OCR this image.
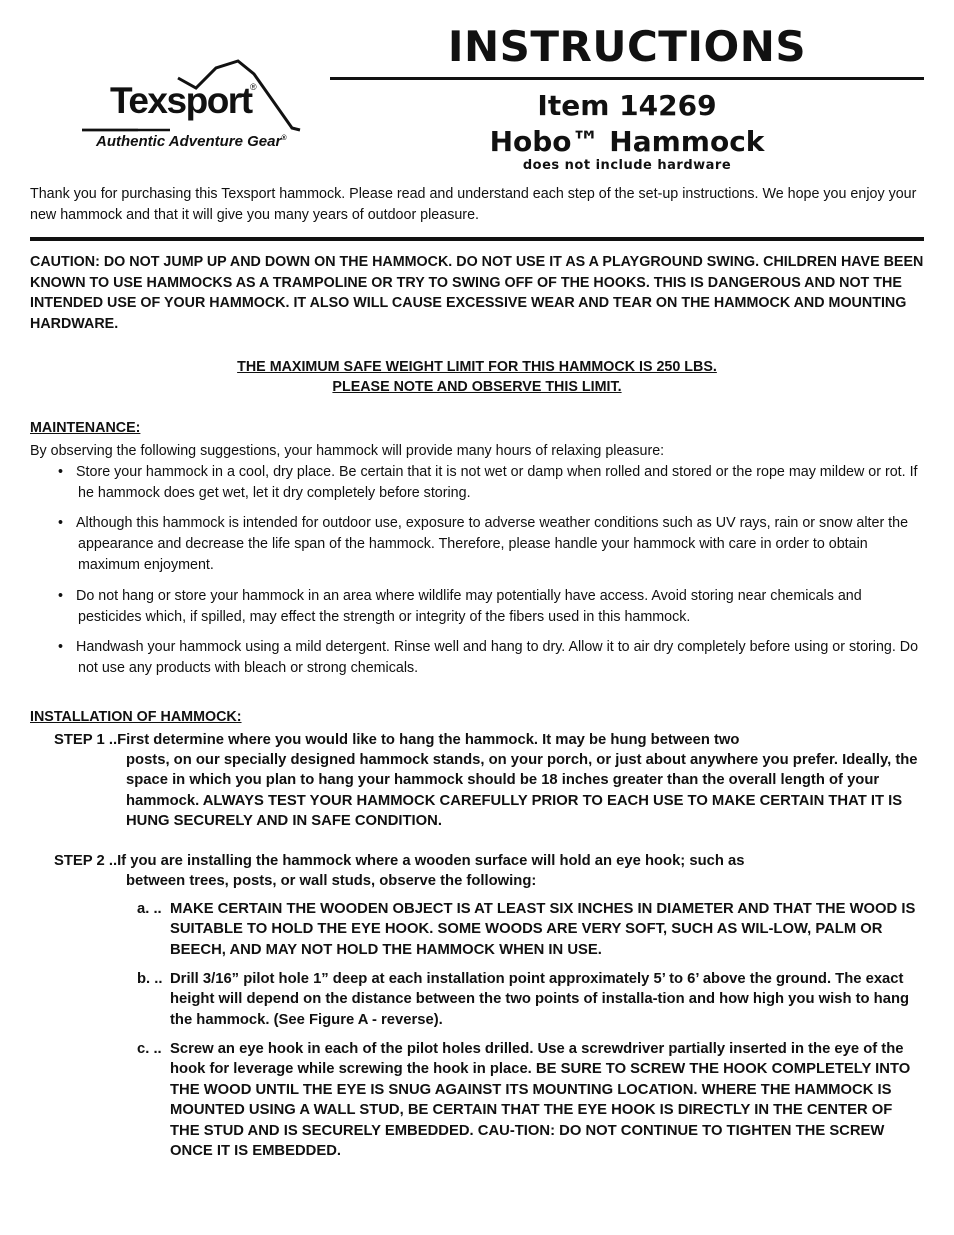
Texsport
®
Authentic Adventure Gear®
INSTRUCTIONS
Item 14269
Hobo™ Hammock
does not include hardware
Thank you for purchasing this Texsport hammock. Please read and understand each step of the set-up instructions. We hope you enjoy your new hammock and that it will give you many years of outdoor pleasure.
CAUTION: DO NOT JUMP UP AND DOWN ON THE HAMMOCK. DO NOT USE IT AS A PLAYGROUND SWING. CHILDREN HAVE BEEN KNOWN TO USE HAMMOCKS AS A TRAMPOLINE OR TRY TO SWING OFF OF THE HOOKS. THIS IS DANGEROUS AND NOT THE INTENDED USE OF YOUR HAMMOCK. IT ALSO WILL CAUSE EXCESSIVE WEAR AND TEAR ON THE HAMMOCK AND MOUNTING HARDWARE.
THE MAXIMUM SAFE WEIGHT LIMIT FOR THIS HAMMOCK IS 250 LBS.
PLEASE NOTE AND OBSERVE THIS LIMIT.
MAINTENANCE:
By observing the following suggestions, your hammock will provide many hours of relaxing pleasure:
• Store your hammock in a cool, dry place. Be certain that it is not wet or damp when rolled and stored or the rope may mildew or rot. If he hammock does get wet, let it dry completely before storing.
• Although this hammock is intended for outdoor use, exposure to adverse weather conditions such as UV rays, rain or snow alter the appearance and decrease the life span of the hammock. Therefore, please handle your hammock with care in order to obtain maximum enjoyment.
• Do not hang or store your hammock in an area where wildlife may potentially have access. Avoid storing near chemicals and pesticides which, if spilled, may effect the strength or integrity of the fibers used in this hammock.
• Handwash your hammock using a mild detergent. Rinse well and hang to dry. Allow it to air dry completely before using or storing. Do not use any products with bleach or strong chemicals.
INSTALLATION OF HAMMOCK:
STEP 1 ..First determine where you would like to hang the hammock. It may be hung between two
posts, on our specially designed hammock stands, on your porch, or just about anywhere you prefer. Ideally, the space in which you plan to hang your hammock should be 18 inches greater than the overall length of your hammock. ALWAYS TEST YOUR HAMMOCK CAREFULLY PRIOR TO EACH USE TO MAKE CERTAIN THAT IT IS HUNG SECURELY AND IN SAFE CONDITION.
STEP 2 ..If you are installing the hammock where a wooden surface will hold an eye hook; such as
between trees, posts, or wall studs, observe the following:
a. .. MAKE CERTAIN THE WOODEN OBJECT IS AT LEAST SIX INCHES IN DIAMETER AND THAT THE WOOD IS SUITABLE TO HOLD THE EYE HOOK. SOME WOODS ARE VERY SOFT, SUCH AS WIL-LOW, PALM OR BEECH, AND MAY NOT HOLD THE HAMMOCK WHEN IN USE.
b. .. Drill 3/16” pilot hole 1” deep at each installation point approximately 5’ to 6’ above the ground. The exact height will depend on the distance between the two points of installa-tion and how high you wish to hang the hammock. (See Figure A - reverse).
c. .. Screw an eye hook in each of the pilot holes drilled. Use a screwdriver partially inserted in the eye of the hook for leverage while screwing the hook in place. BE SURE TO SCREW THE HOOK COMPLETELY INTO THE WOOD UNTIL THE EYE IS SNUG AGAINST ITS MOUNTING LOCATION. WHERE THE HAMMOCK IS MOUNTED USING A WALL STUD, BE CERTAIN THAT THE EYE HOOK IS DIRECTLY IN THE CENTER OF THE STUD AND IS SECURELY EMBEDDED. CAU-TION: DO NOT CONTINUE TO TIGHTEN THE SCREW ONCE IT IS EMBEDDED.
